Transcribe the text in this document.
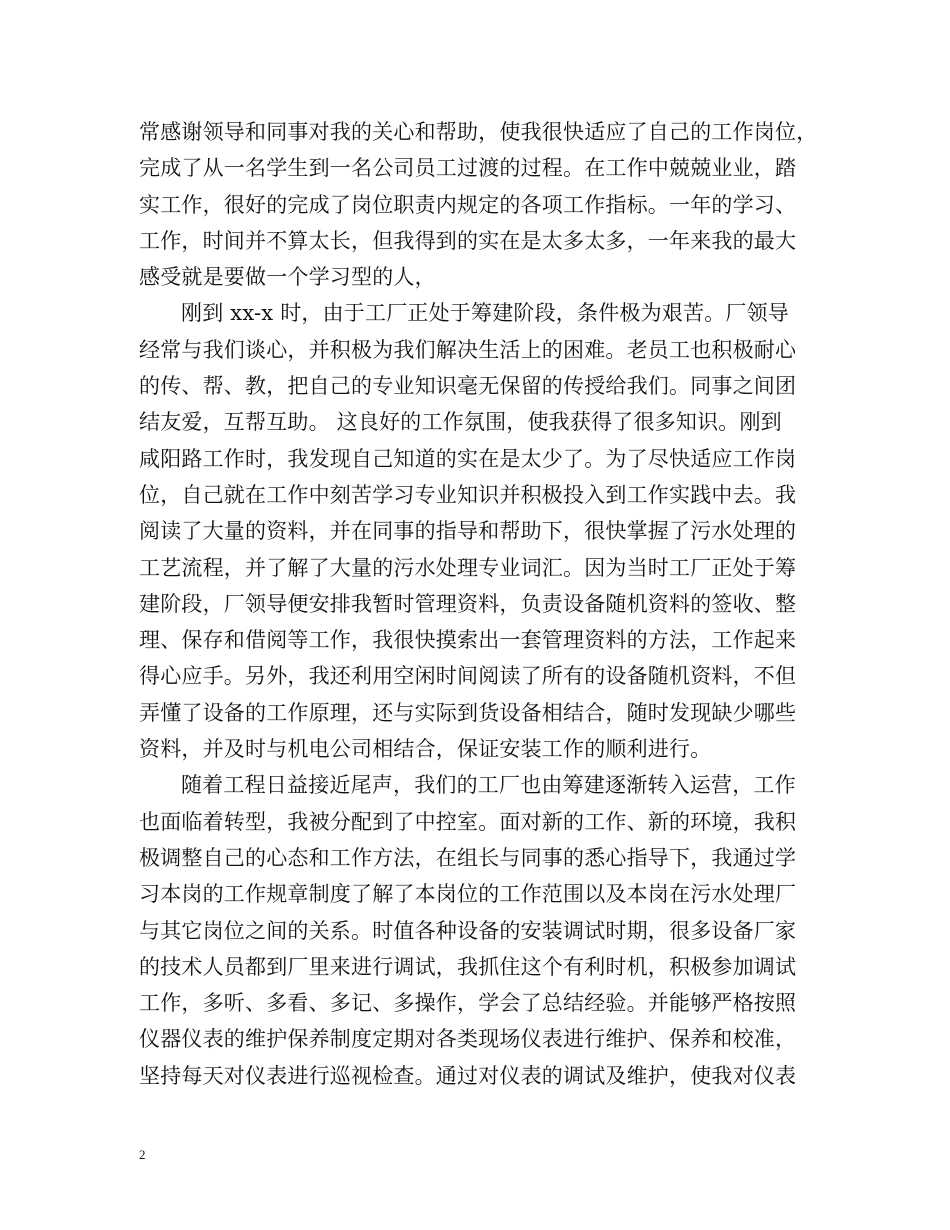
常感谢领导和同事对我的关心和帮助，使我很快适应了自己的工作岗位，
完成了从一名学生到一名公司员工过渡的过程。在工作中兢兢业业，踏
实工作，很好的完成了岗位职责内规定的各项工作指标。一年的学习、
工作，时间并不算太长，但我得到的实在是太多太多，一年来我的最大
感受就是要做一个学习型的人，
刚到 xx-x 时，由于工厂正处于筹建阶段，条件极为艰苦。厂领导
经常与我们谈心，并积极为我们解决生活上的困难。老员工也积极耐心
的传、帮、教，把自己的专业知识毫无保留的传授给我们。同事之间团
结友爱，互帮互助。 这良好的工作氛围，使我获得了很多知识。刚到
咸阳路工作时，我发现自己知道的实在是太少了。为了尽快适应工作岗
位，自己就在工作中刻苦学习专业知识并积极投入到工作实践中去。我
阅读了大量的资料，并在同事的指导和帮助下，很快掌握了污水处理的
工艺流程，并了解了大量的污水处理专业词汇。因为当时工厂正处于筹
建阶段，厂领导便安排我暂时管理资料，负责设备随机资料的签收、整
理、保存和借阅等工作，我很快摸索出一套管理资料的方法，工作起来
得心应手。另外，我还利用空闲时间阅读了所有的设备随机资料，不但
弄懂了设备的工作原理，还与实际到货设备相结合，随时发现缺少哪些
资料，并及时与机电公司相结合，保证安装工作的顺利进行。
随着工程日益接近尾声，我们的工厂也由筹建逐渐转入运营，工作
也面临着转型，我被分配到了中控室。面对新的工作、新的环境，我积
极调整自己的心态和工作方法，在组长与同事的悉心指导下，我通过学
习本岗的工作规章制度了解了本岗位的工作范围以及本岗在污水处理厂
与其它岗位之间的关系。时值各种设备的安装调试时期，很多设备厂家
的技术人员都到厂里来进行调试，我抓住这个有利时机，积极参加调试
工作，多听、多看、多记、多操作，学会了总结经验。并能够严格按照
仪器仪表的维护保养制度定期对各类现场仪表进行维护、保养和校准，
坚持每天对仪表进行巡视检查。通过对仪表的调试及维护，使我对仪表
2
